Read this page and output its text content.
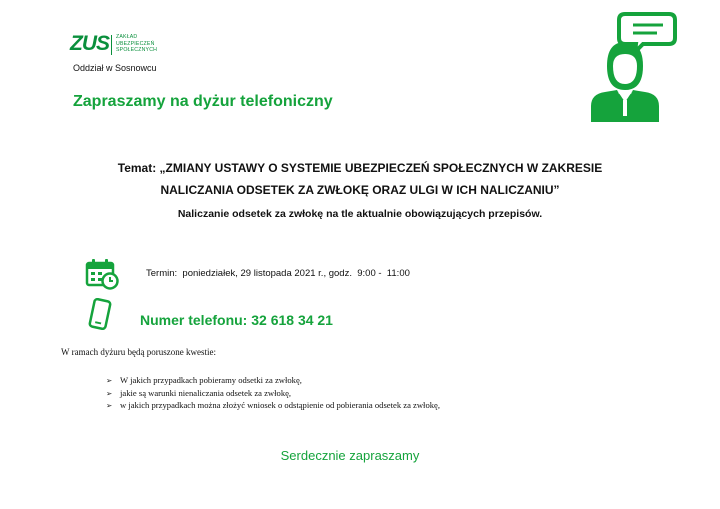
ZUS ZAKŁAD
UBEZPIECZEŃ
SPOŁECZNYCH
Oddział w Sosnowcu
Zapraszamy na dyżur telefoniczny
Temat: „ZMIANY USTAWY O SYSTEMIE UBEZPIECZEŃ SPOŁECZNYCH W ZAKRESIE
NALICZANIA ODSETEK ZA ZWŁOKĘ ORAZ ULGI W ICH NALICZANIU”
Naliczanie odsetek za zwłokę na tle aktualnie obowiązujących przepisów.
Termin:  poniedziałek, 29 listopada 2021 r., godz.  9:00 -  11:00
Numer telefonu: 32 618 34 21
W ramach dyżuru będą poruszone kwestie:
➢ W jakich przypadkach pobieramy odsetki za zwłokę,
➢ jakie są warunki nienaliczania odsetek za zwłokę,
➢ w jakich przypadkach można złożyć wniosek o odstąpienie od pobierania odsetek za zwłokę,
Serdecznie zapraszamy
